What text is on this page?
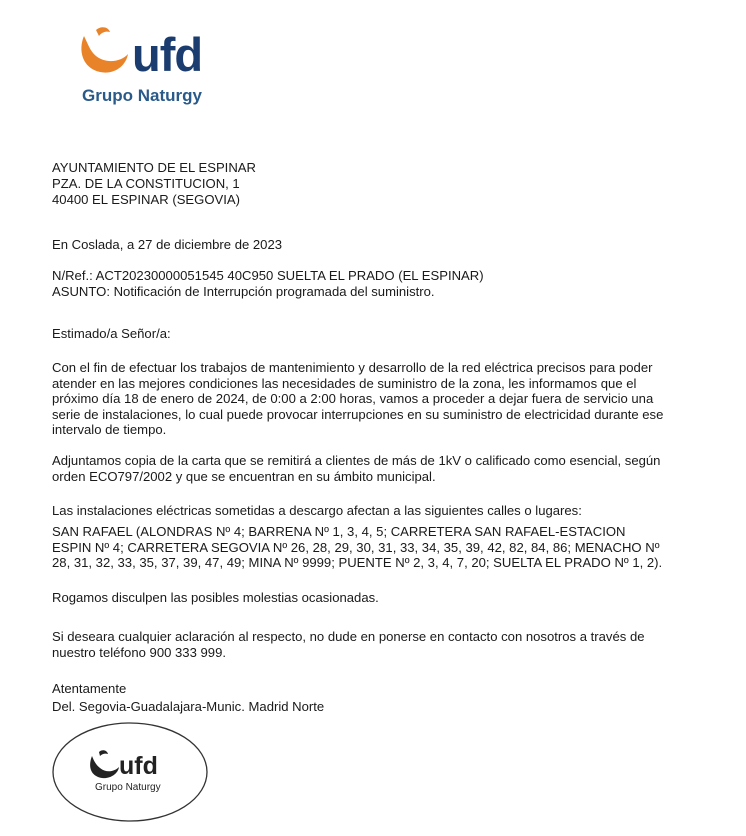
ufd
Grupo Naturgy
AYUNTAMIENTO DE EL ESPINAR
PZA. DE LA CONSTITUCION, 1
40400 EL ESPINAR (SEGOVIA)
En Coslada, a 27 de diciembre de 2023
N/Ref.: ACT20230000051545 40C950 SUELTA EL PRADO (EL ESPINAR)
ASUNTO: Notificación de Interrupción programada del suministro.
Estimado/a Señor/a:
Con el fin de efectuar los trabajos de mantenimiento y desarrollo de la red eléctrica precisos para poder
atender en las mejores condiciones las necesidades de suministro de la zona, les informamos que el
próximo día 18 de enero de 2024, de 0:00 a 2:00 horas, vamos a proceder a dejar fuera de servicio una
serie de instalaciones, lo cual puede provocar interrupciones en su suministro de electricidad durante ese
intervalo de tiempo.
Adjuntamos copia de la carta que se remitirá a clientes de más de 1kV o calificado como esencial, según
orden ECO797/2002 y que se encuentran en su ámbito municipal.
Las instalaciones eléctricas sometidas a descargo afectan a las siguientes calles o lugares:
SAN RAFAEL (ALONDRAS Nº 4; BARRENA Nº 1, 3, 4, 5; CARRETERA SAN RAFAEL-ESTACION
ESPIN Nº 4; CARRETERA SEGOVIA Nº 26, 28, 29, 30, 31, 33, 34, 35, 39, 42, 82, 84, 86; MENACHO Nº
28, 31, 32, 33, 35, 37, 39, 47, 49; MINA Nº 9999; PUENTE Nº 2, 3, 4, 7, 20; SUELTA EL PRADO Nº 1, 2).
Rogamos disculpen las posibles molestias ocasionadas.
Si deseara cualquier aclaración al respecto, no dude en ponerse en contacto con nosotros a través de
nuestro teléfono 900 333 999.
Atentamente
Del. Segovia-Guadalajara-Munic. Madrid Norte
ufd
Grupo Naturgy
